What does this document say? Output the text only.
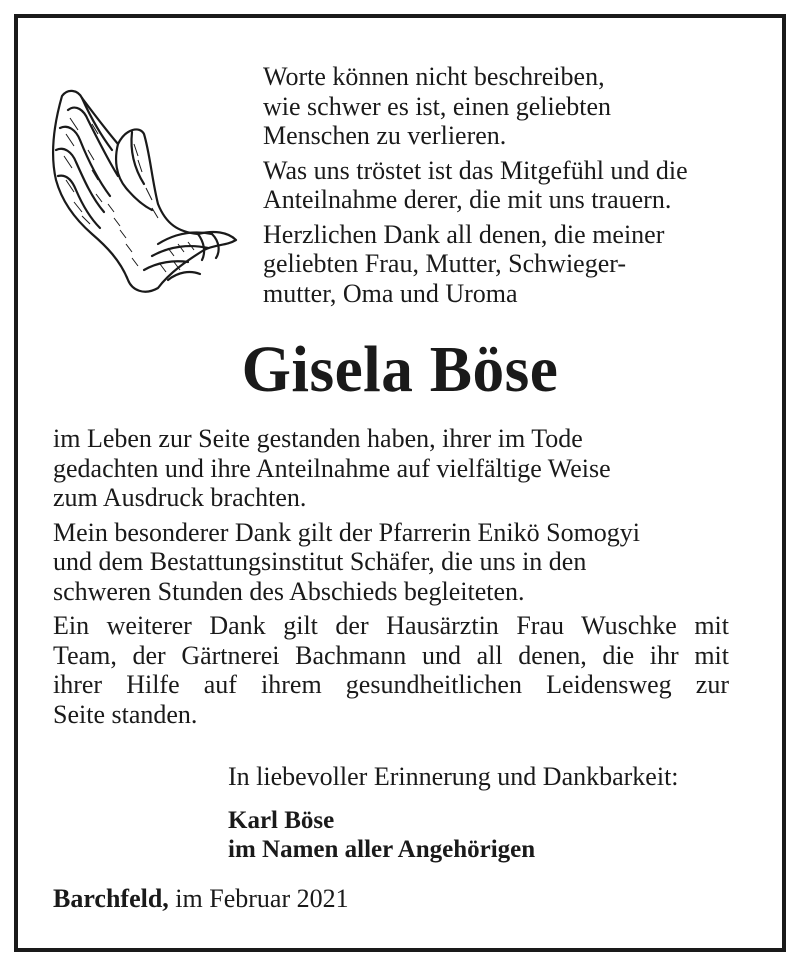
Worte können nicht beschreiben,
wie schwer es ist, einen geliebten
Menschen zu verlieren.

Was uns tröstet ist das Mitgefühl und die
Anteilnahme derer, die mit uns trauern.

Herzlichen Dank all denen, die meiner
geliebten Frau, Mutter, Schwieger-
mutter, Oma und Uroma

Gisela Böse

im Leben zur Seite gestanden haben, ihrer im Tode
gedachten und ihre Anteilnahme auf vielfältige Weise
zum Ausdruck brachten.

Mein besonderer Dank gilt der Pfarrerin Enikö Somogyi
und dem Bestattungsinstitut Schäfer, die uns in den
schweren Stunden des Abschieds begleiteten.

Ein weiterer Dank gilt der Hausärztin Frau Wuschke mit
Team, der Gärtnerei Bachmann und all denen, die ihr mit
ihrer Hilfe auf ihrem gesundheitlichen Leidensweg zur
Seite standen.

In liebevoller Erinnerung und Dankbarkeit:

Karl Böse
im Namen aller Angehörigen
Barchfeld, im Februar 2021
